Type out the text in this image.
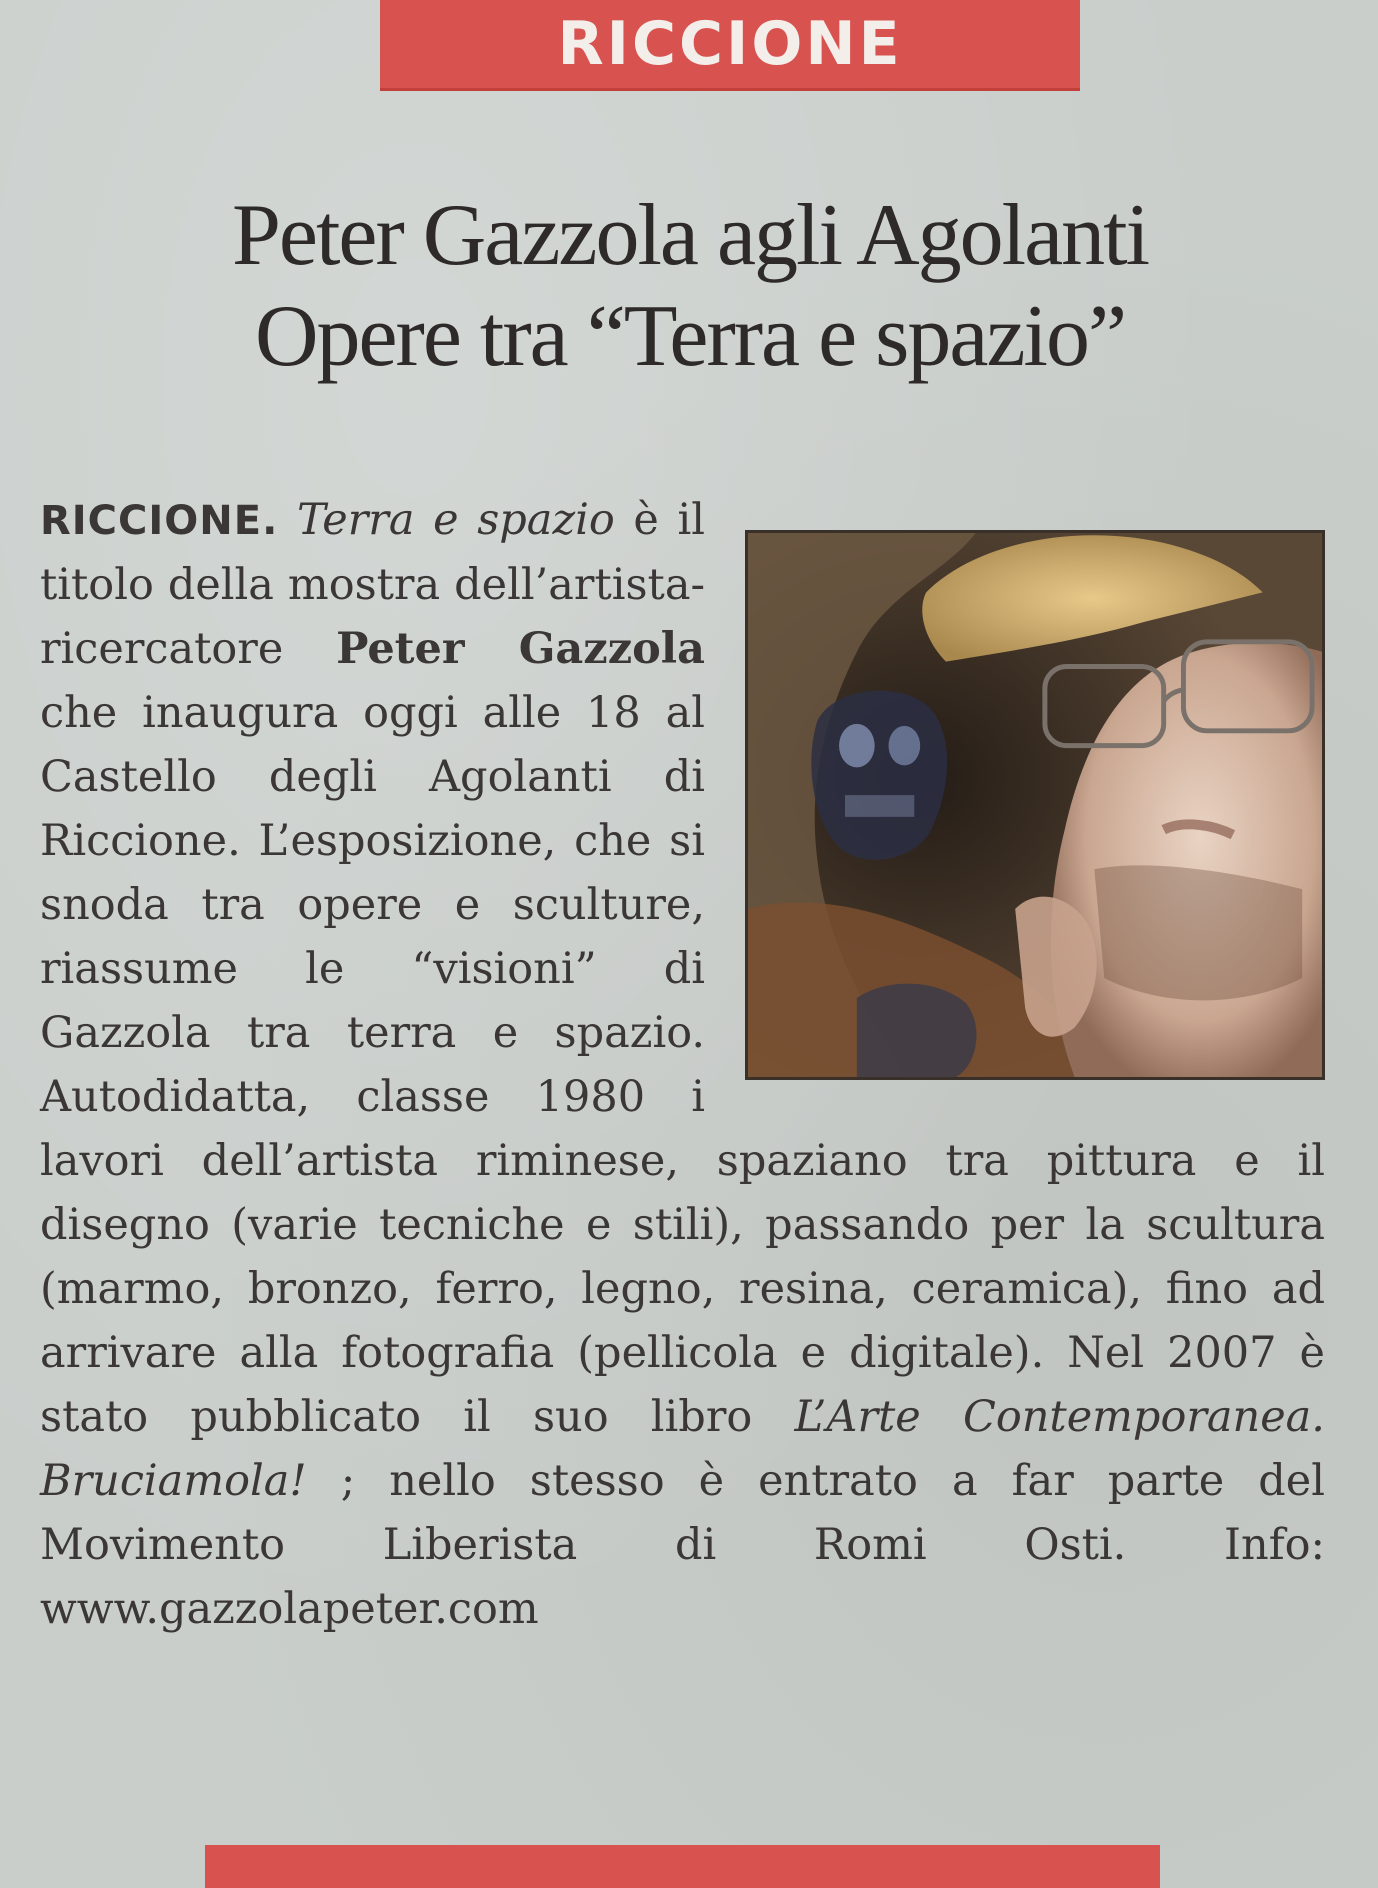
RICCIONE
Peter Gazzola agli Agolanti
Opere tra “Terra e spazio”
RICCIONE. Terra e spazio è il titolo della mostra dell’artista-ricercatore Peter Gazzola che inaugura oggi alle 18 al Castello degli Agolanti di Riccione. L’esposizione, che si snoda tra opere e sculture, riassume le “visioni” di Gazzola tra terra e spazio. Autodidatta, classe 1980 i lavori dell’artista riminese, spaziano tra pittura e il disegno (varie tecniche e stili), passando per la scultura (marmo, bronzo, ferro, legno, resina, ceramica), fino ad arrivare alla fotografia (pellicola e digitale). Nel 2007 è stato pubblicato il suo libro L’Arte Contemporanea. Bruciamola! ; nello stesso è entrato a far parte del Movimento Liberista di Romi Osti. Info: www.gazzolapeter.com
